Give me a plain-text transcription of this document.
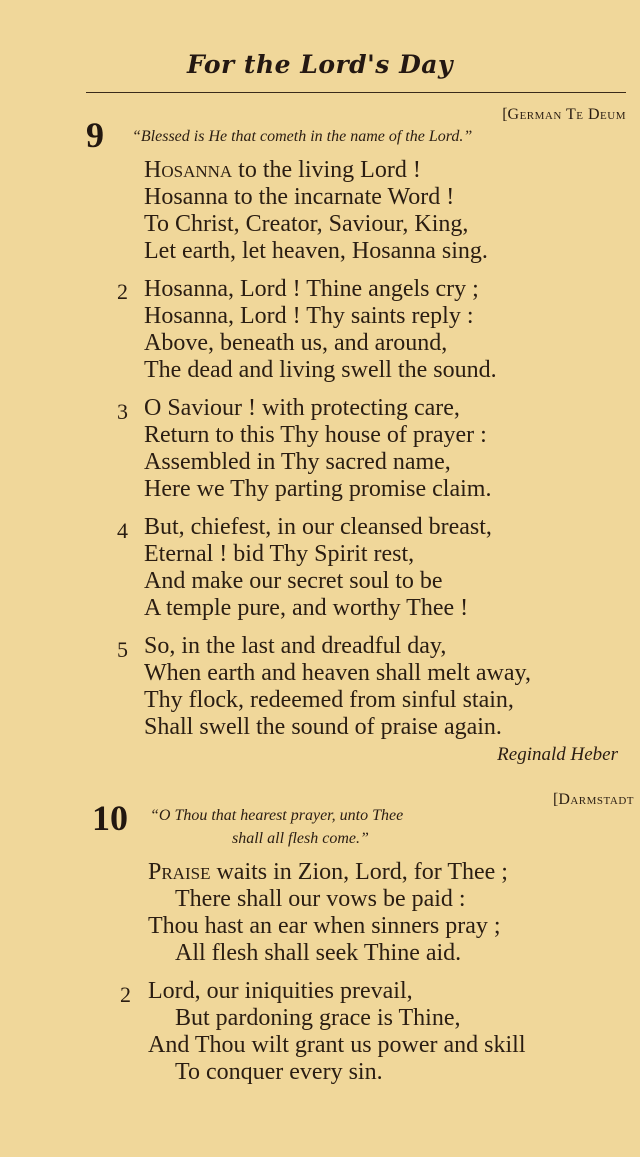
For the Lord's Day
[German Te Deum
9 “Blessed is He that cometh in the name of the Lord.”
Hosanna to the living Lord !
Hosanna to the incarnate Word !
To Christ, Creator, Saviour, King,
Let earth, let heaven, Hosanna sing.
2 Hosanna, Lord ! Thine angels cry ;
Hosanna, Lord ! Thy saints reply :
Above, beneath us, and around,
The dead and living swell the sound.
3 O Saviour ! with protecting care,
Return to this Thy house of prayer :
Assembled in Thy sacred name,
Here we Thy parting promise claim.
4 But, chiefest, in our cleansed breast,
Eternal ! bid Thy Spirit rest,
And make our secret soul to be
A temple pure, and worthy Thee !
5 So, in the last and dreadful day,
When earth and heaven shall melt away,
Thy flock, redeemed from sinful stain,
Shall swell the sound of praise again.
Reginald Heber
[Darmstadt
10 “O Thou that hearest prayer, unto Thee
shall all flesh come.”
Praise waits in Zion, Lord, for Thee ;
There shall our vows be paid :
Thou hast an ear when sinners pray ;
All flesh shall seek Thine aid.
2 Lord, our iniquities prevail,
But pardoning grace is Thine,
And Thou wilt grant us power and skill
To conquer every sin.
